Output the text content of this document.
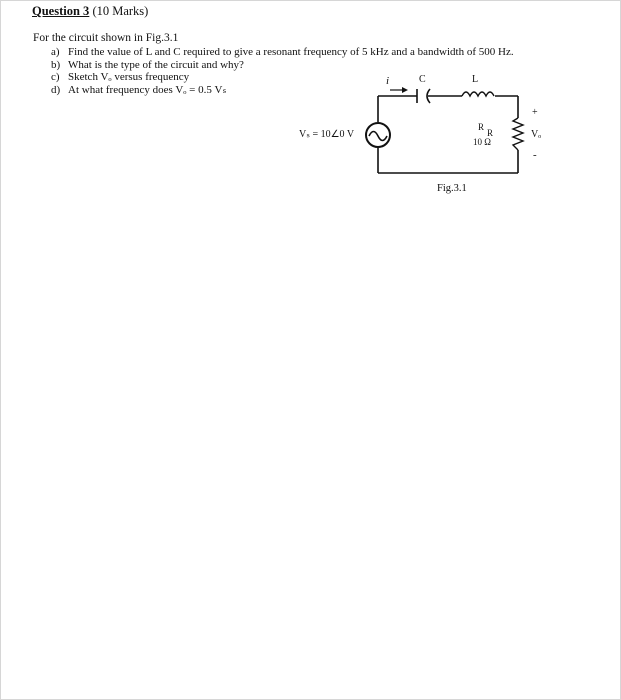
Question 3 (10 Marks)
For the circuit shown in Fig.3.1
a) Find the value of L and C required to give a resonant frequency of 5 kHz and a bandwidth of 500 Hz.
b) What is the type of the circuit and why?
c) Sketch Vₒ versus frequency
d) At what frequency does Vₒ = 0.5 Vₛ
i	C	L
Vₛ = 10∠0 V
R
R
10 Ω
+
Vₒ
-
Fig.3.1
